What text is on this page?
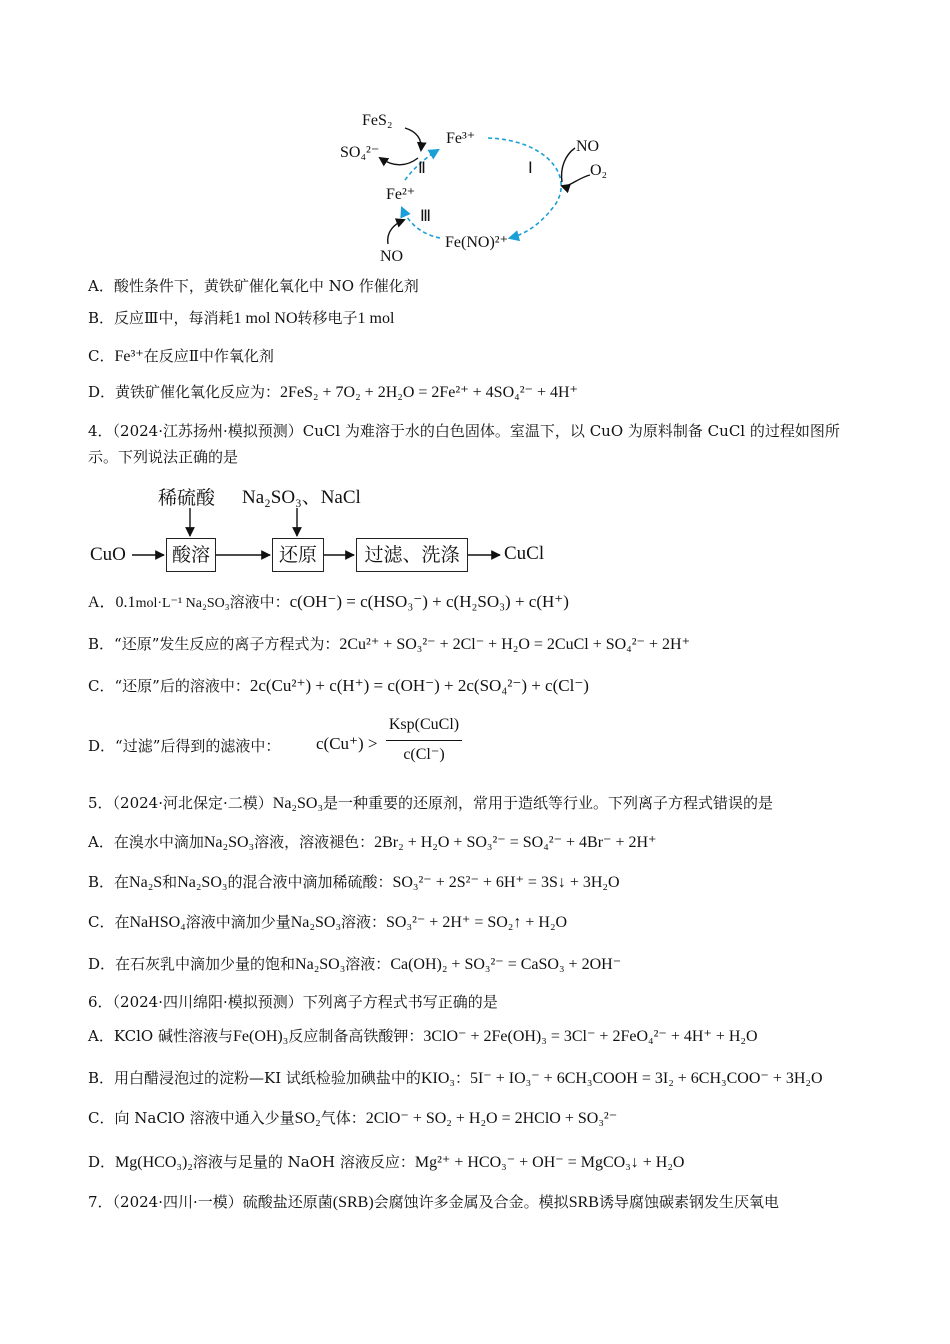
FeS₂
SO₄²⁻
Fe³⁺
Ⅱ	Ⅰ
NO
O₂
Fe²⁺
Ⅲ
Fe(NO)²⁺
NO
A．酸性条件下，黄铁矿催化氧化中 NO 作催化剂
B．反应Ⅲ中，每消耗1 mol NO转移电子1 mol
C．Fe³⁺在反应Ⅱ中作氧化剂
D．黄铁矿催化氧化反应为：2FeS₂ + 7O₂ + 2H₂O = 2Fe²⁺ + 4SO₄²⁻ + 4H⁺
4．（2024·江苏扬州·模拟预测）CuCl 为难溶于水的白色固体。室温下，以 CuO 为原料制备 CuCl 的过程如图所示。下列说法正确的是
稀硫酸 Na₂SO₃、NaCl
CuO	酸溶	还原	过滤、洗涤	CuCl
A．0.1mol·L⁻¹ Na₂SO₃溶液中：c(OH⁻) = c(HSO₃⁻) + c(H₂SO₃) + c(H⁺)
B．“还原”发生反应的离子方程式为：2Cu²⁺ + SO₃²⁻ + 2Cl⁻ + H₂O = 2CuCl + SO₄²⁻ + 2H⁺
C．“还原”后的溶液中：2c(Cu²⁺) + c(H⁺) = c(OH⁻) + 2c(SO₄²⁻) + c(Cl⁻)
D．“过滤”后得到的滤液中： c(Cu⁺) >
Ksp(CuCl)
c(Cl⁻)
5．（2024·河北保定·二模）Na₂SO₃是一种重要的还原剂，常用于造纸等行业。下列离子方程式错误的是
A．在溴水中滴加Na₂SO₃溶液，溶液褪色：2Br₂ + H₂O + SO₃²⁻ = SO₄²⁻ + 4Br⁻ + 2H⁺
B．在Na₂S和Na₂SO₃的混合液中滴加稀硫酸：SO₃²⁻ + 2S²⁻ + 6H⁺ = 3S↓ + 3H₂O
C．在NaHSO₄溶液中滴加少量Na₂SO₃溶液：SO₃²⁻ + 2H⁺ = SO₂↑ + H₂O
D．在石灰乳中滴加少量的饱和Na₂SO₃溶液：Ca(OH)₂ + SO₃²⁻ = CaSO₃ + 2OH⁻
6．（2024·四川绵阳·模拟预测）下列离子方程式书写正确的是
A．KClO 碱性溶液与Fe(OH)₃反应制备高铁酸钾：3ClO⁻ + 2Fe(OH)₃ = 3Cl⁻ + 2FeO₄²⁻ + 4H⁺ + H₂O
B．用白醋浸泡过的淀粉—KI 试纸检验加碘盐中的KIO₃：5I⁻ + IO₃⁻ + 6CH₃COOH = 3I₂ + 6CH₃COO⁻ + 3H₂O
C．向 NaClO 溶液中通入少量SO₂气体：2ClO⁻ + SO₂ + H₂O = 2HClO + SO₃²⁻
D．Mg(HCO₃)₂溶液与足量的 NaOH 溶液反应：Mg²⁺ + HCO₃⁻ + OH⁻ = MgCO₃↓ + H₂O
7．（2024·四川·一模）硫酸盐还原菌(SRB)会腐蚀许多金属及合金。模拟SRB诱导腐蚀碳素钢发生厌氧电
